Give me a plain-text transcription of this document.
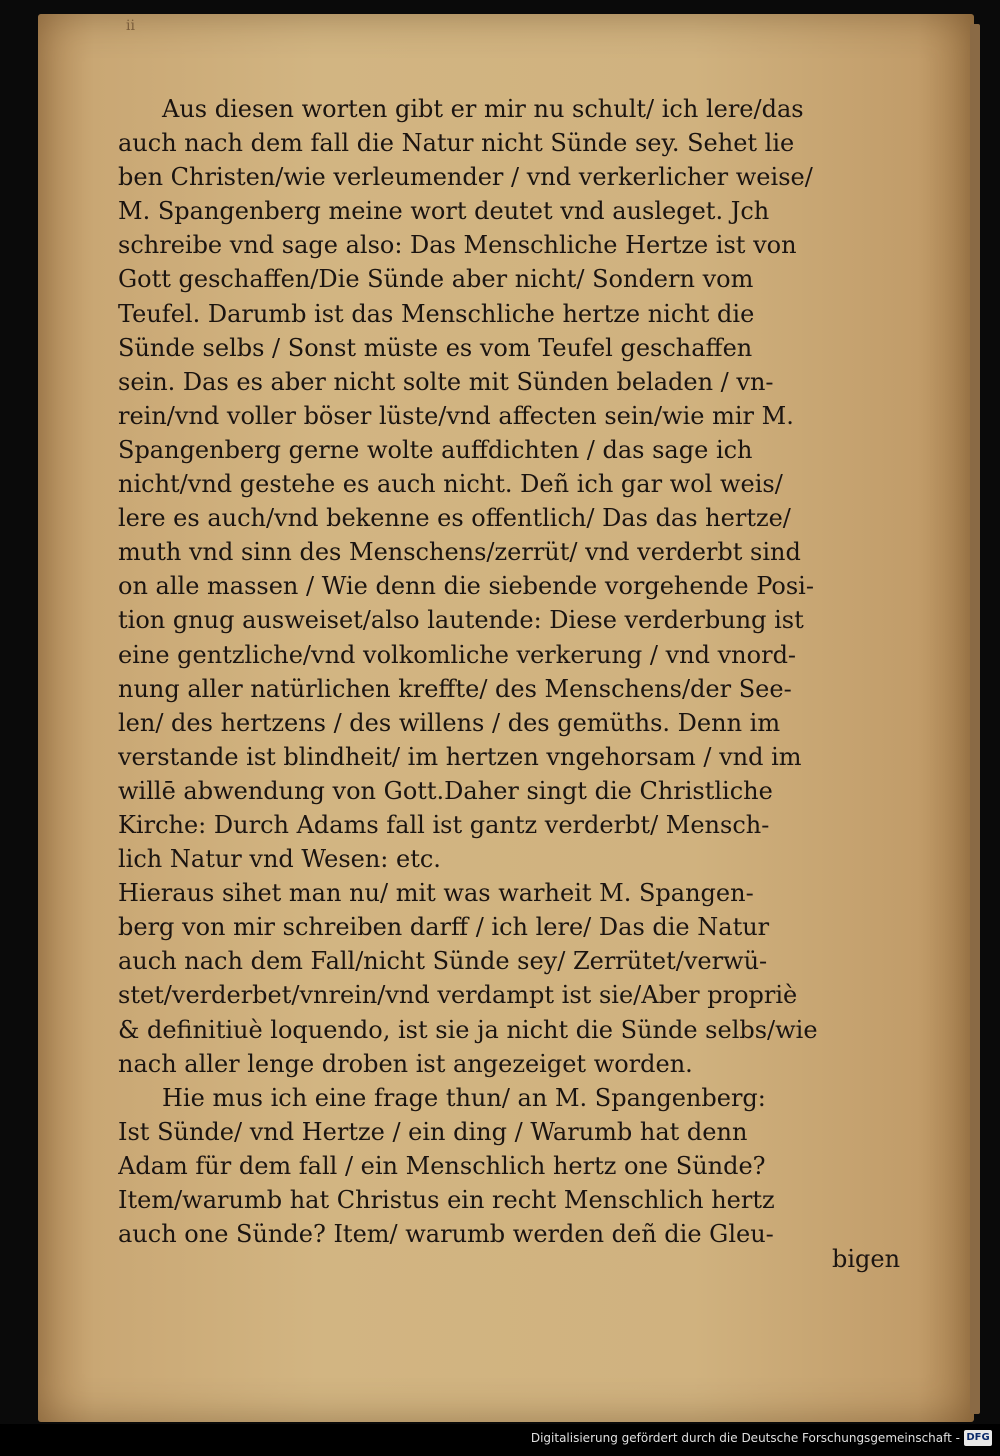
ii
Aus diesen worten gibt er mir nu schult/ ich lere/das
auch nach dem fall die Natur nicht Sünde sey. Sehet lie
ben Christen/wie verleumender / vnd verkerlicher weise/
M. Spangenberg meine wort deutet vnd ausleget. Jch
schreibe vnd sage also: Das Menschliche Hertze ist von
Gott geschaffen/Die Sünde aber nicht/ Sondern vom
Teufel. Darumb ist das Menschliche hertze nicht die
Sünde selbs / Sonst müste es vom Teufel geschaffen
sein. Das es aber nicht solte mit Sünden beladen / vn-
rein/vnd voller böser lüste/vnd affecten sein/wie mir M.
Spangenberg gerne wolte auffdichten / das sage ich
nicht/vnd gestehe es auch nicht. Deñ ich gar wol weis/
lere es auch/vnd bekenne es offentlich/ Das das hertze/
muth vnd sinn des Menschens/zerrüt/ vnd verderbt sind
on alle massen / Wie denn die siebende vorgehende Posi-
tion gnug ausweiset/also lautende: Diese verderbung ist
eine gentzliche/vnd volkomliche verkerung / vnd vnord-
nung aller natürlichen kreffte/ des Menschens/der See-
len/ des hertzens / des willens / des gemüths. Denn im
verstande ist blindheit/ im hertzen vngehorsam / vnd im
willē abwendung von Gott.Daher singt die Christliche
Kirche: Durch Adams fall ist gantz verderbt/ Mensch-
lich Natur vnd Wesen: etc.
Hieraus sihet man nu/ mit was warheit M. Spangen-
berg von mir schreiben darff / ich lere/ Das die Natur
auch nach dem Fall/nicht Sünde sey/ Zerrütet/verwü-
stet/verderbet/vnrein/vnd verdampt ist sie/Aber propriè
& definitiuè loquendo, ist sie ja nicht die Sünde selbs/wie
nach aller lenge droben ist angezeiget worden.
Hie mus ich eine frage thun/ an M. Spangenberg:
Ist Sünde/ vnd Hertze / ein ding / Warumb hat denn
Adam für dem fall / ein Menschlich hertz one Sünde?
Item/warumb hat Christus ein recht Menschlich hertz
auch one Sünde? Item/ warumb werden deñ die Gleu-
bigen
Digitalisierung gefördert durch die Deutsche Forschungsgemeinschaft - DFG
